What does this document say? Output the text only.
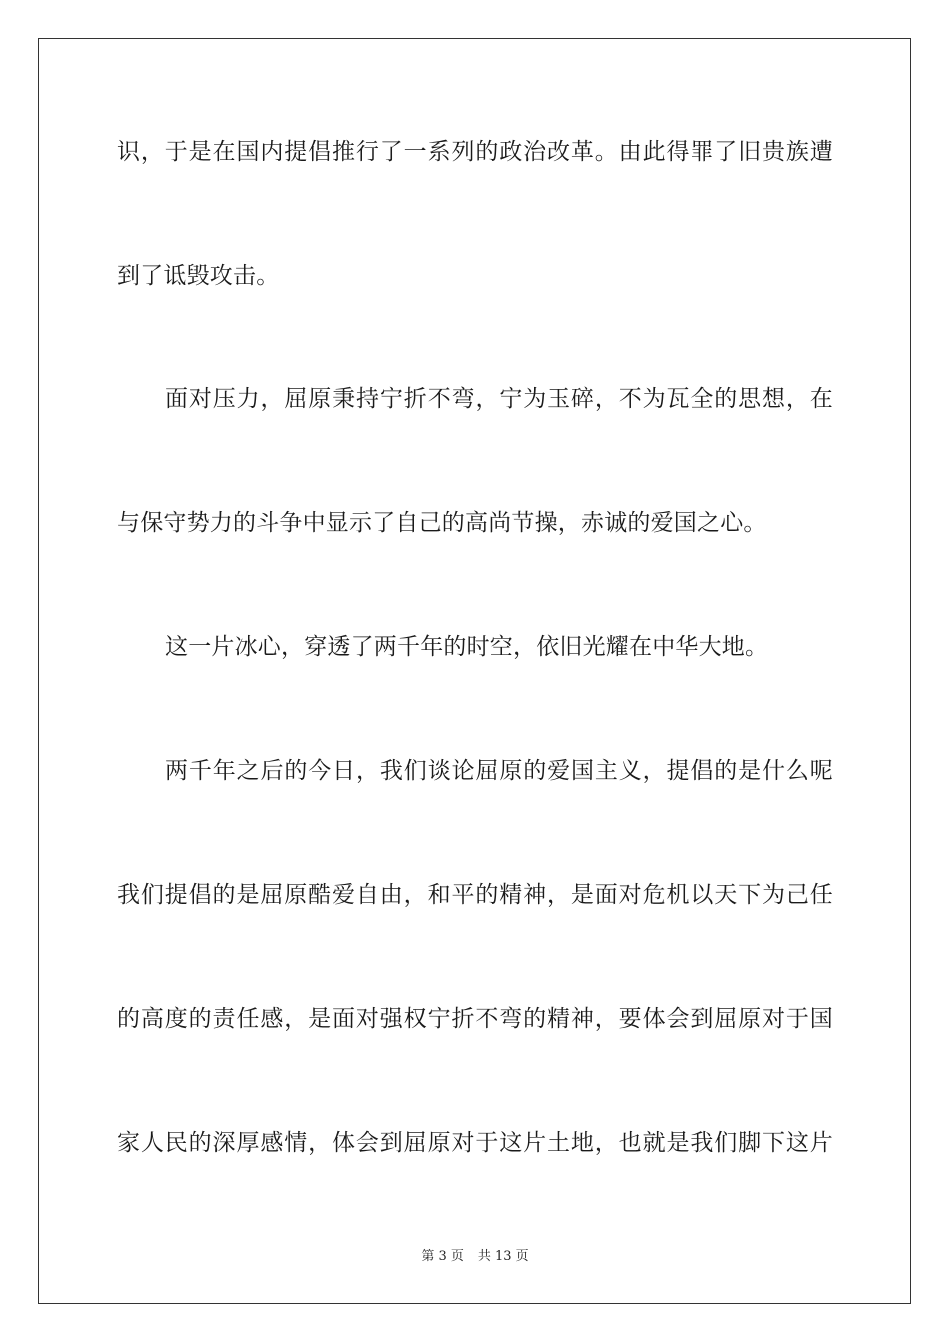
识，于是在国内提倡推行了一系列的政治改革。由此得罪了旧贵族遭
到了诋毁攻击。
面对压力，屈原秉持宁折不弯，宁为玉碎，不为瓦全的思想，在
与保守势力的斗争中显示了自己的高尚节操，赤诚的爱国之心。
这一片冰心，穿透了两千年的时空，依旧光耀在中华大地。
两千年之后的今日，我们谈论屈原的爱国主义，提倡的是什么呢
我们提倡的是屈原酷爱自由，和平的精神，是面对危机以天下为己任
的高度的责任感，是面对强权宁折不弯的精神，要体会到屈原对于国
家人民的深厚感情，体会到屈原对于这片土地，也就是我们脚下这片
第 3 页 共 13 页
